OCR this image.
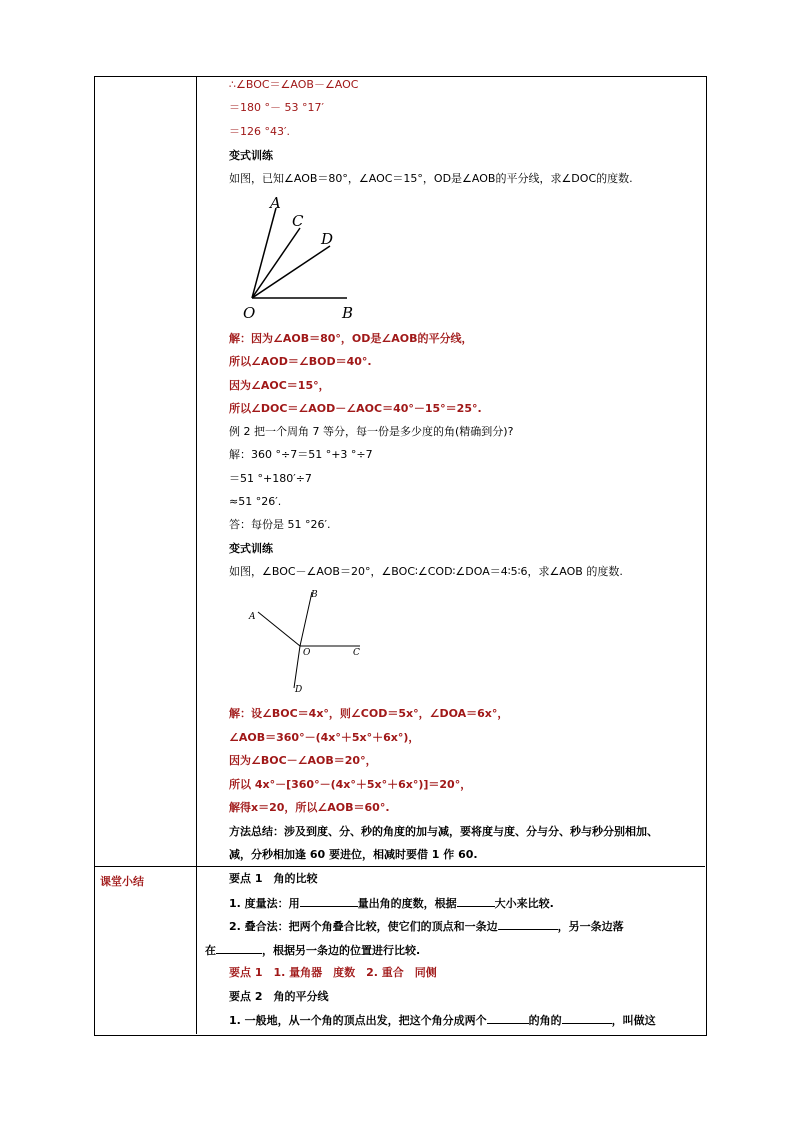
∴∠BOC＝∠AOB－∠AOC
＝180 °－ 53 °17′
＝126 °43′.
变式训练
如图，已知∠AOB＝80°，∠AOC＝15°，OD是∠AOB的平分线，求∠DOC的度数.
A
C
D
O	B
解：因为∠AOB＝80°，OD是∠AOB的平分线，
所以∠AOD＝∠BOD＝40°.
因为∠AOC＝15°，
所以∠DOC＝∠AOD－∠AOC＝40°－15°＝25°.
例 2 把一个周角 7 等分，每一份是多少度的角(精确到分)?
解：360 °÷7＝51 °+3 °÷7
＝51 °+180′÷7
≈51 °26′.
答：每份是 51 °26′.
变式训练
如图，∠BOC－∠AOB＝20°，∠BOC∶∠COD∶∠DOA＝4∶5∶6，求∠AOB 的度数.
A
B
O	C
D
解：设∠BOC＝4x°，则∠COD＝5x°，∠DOA＝6x°，
∠AOB＝360°－(4x°＋5x°＋6x°)，
因为∠BOC－∠AOB＝20°，
所以 4x°－[360°－(4x°＋5x°＋6x°)]＝20°，
解得x＝20，所以∠AOB＝60°.
方法总结：涉及到度、分、秒的角度的加与减，要将度与度、分与分、秒与秒分别相加、
减，分秒相加逢 60 要进位，相减时要借 1 作 60.
课堂小结	要点 1　角的比较
1. 度量法：用	量出角的度数，根据	大小来比较.
2. 叠合法：把两个角叠合比较，使它们的顶点和一条边	，另一条边落
在	，根据另一条边的位置进行比较.
要点 1　1. 量角器　度数　2. 重合　同侧
要点 2　角的平分线
1. 一般地，从一个角的顶点出发，把这个角分成两个	的角的	，叫做这
